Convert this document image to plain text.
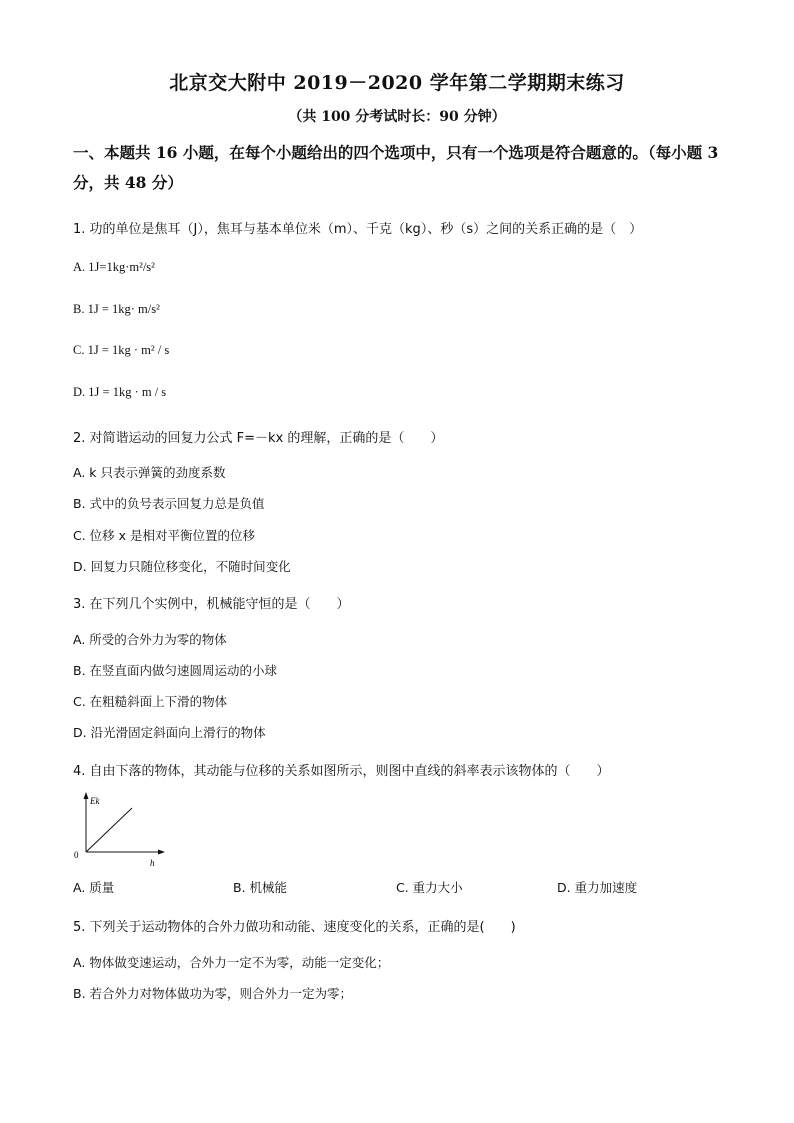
北京交大附中 2019－2020 学年第二学期期末练习
（共 100 分考试时长：90 分钟）
一、本题共 16 小题，在每个小题给出的四个选项中，只有一个选项是符合题意的。（每小题 3 分，共 48 分）
1. 功的单位是焦耳（J），焦耳与基本单位米（m）、千克（kg）、秒（s）之间的关系正确的是（　）
A. 1J=1kg·m²/s²
B. 1J = 1kg· m/s²
C. 1J = 1kg · m² / s
D. 1J = 1kg · m / s
2. 对简谐运动的回复力公式 F=－kx 的理解，正确的是（　　）
A. k 只表示弹簧的劲度系数
B. 式中的负号表示回复力总是负值
C. 位移 x 是相对平衡位置的位移
D. 回复力只随位移变化，不随时间变化
3. 在下列几个实例中，机械能守恒的是（　　）
A. 所受的合外力为零的物体
B. 在竖直面内做匀速圆周运动的小球
C. 在粗糙斜面上下滑的物体
D. 沿光滑固定斜面向上滑行的物体
4. 自由下落的物体，其动能与位移的关系如图所示，则图中直线的斜率表示该物体的（　　）
Ek
h
0
A. 质量	B. 机械能	C. 重力大小	D. 重力加速度
5. 下列关于运动物体的合外力做功和动能、速度变化的关系，正确的是(　　)
A. 物体做变速运动，合外力一定不为零，动能一定变化；
B. 若合外力对物体做功为零，则合外力一定为零；
